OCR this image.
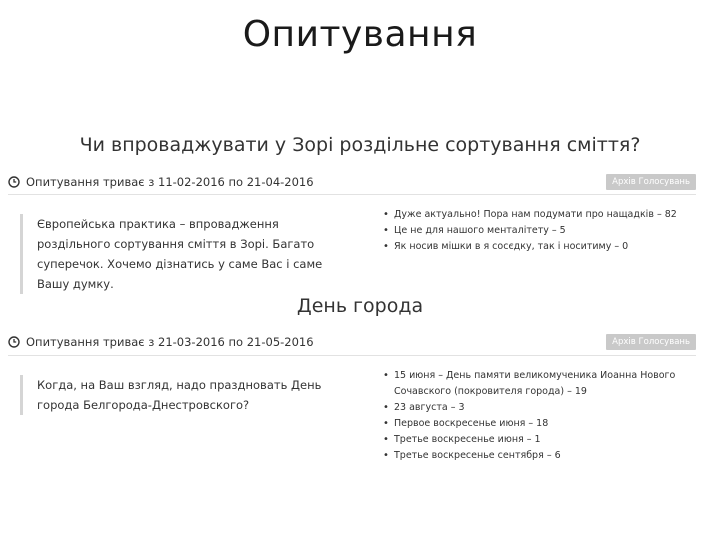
Опитування
Чи впроваджувати у Зорі роздільне сортування сміття?
Опитування триває з 11-02-2016 по 21-04-2016	Архів Голосувань
Європейська практика – впровадження роздільного сортування сміття в Зорі. Багато суперечок. Хочемо дізнатись у саме Вас і саме Вашу думку.
• Дуже актуально! Пора нам подумати про нащадків – 82
• Це не для нашого менталітету – 5
• Як носив мішки в я сосєдку, так і носитиму – 0
День города
Опитування триває з 21-03-2016 по 21-05-2016	Архів Голосувань
Когда, на Ваш взгляд, надо праздновать День города Белгорода-Днестровского?
• 15 июня – День памяти великомученика Иоанна Нового Сочавского (покровителя города) – 19
• 23 августа – 3
• Первое воскресенье июня – 18
• Третье воскресенье июня – 1
• Третье воскресенье сентября – 6
